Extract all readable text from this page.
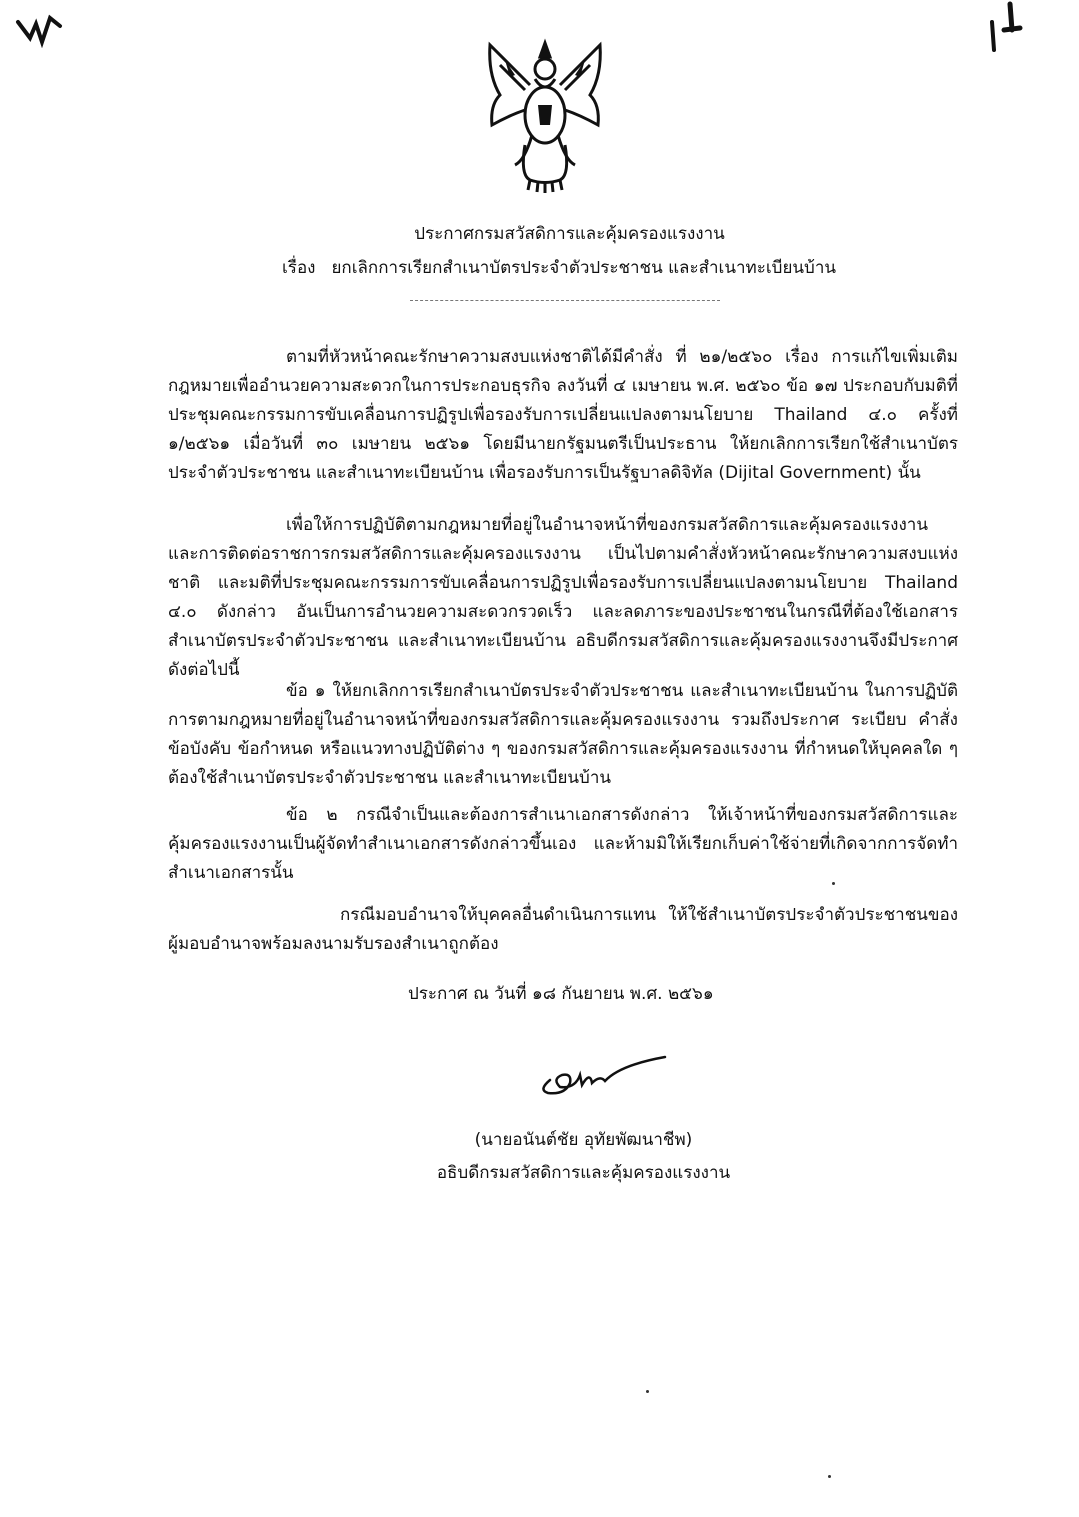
ประกาศกรมสวัสดิการและคุ้มครองแรงงาน
เรื่อง ยกเลิกการเรียกสำเนาบัตรประจำตัวประชาชน และสำเนาทะเบียนบ้าน
ตามที่หัวหน้าคณะรักษาความสงบแห่งชาติได้มีคำสั่ง ที่ ๒๑/๒๕๖๐ เรื่อง การแก้ไขเพิ่มเติมกฎหมายเพื่ออำนวยความสะดวกในการประกอบธุรกิจ ลงวันที่ ๔ เมษายน พ.ศ. ๒๕๖๐ ข้อ ๑๗ ประกอบกับมติที่ประชุมคณะกรรมการขับเคลื่อนการปฏิรูปเพื่อรองรับการเปลี่ยนแปลงตามนโยบาย Thailand ๔.๐ ครั้งที่ ๑/๒๕๖๑ เมื่อวันที่ ๓๐ เมษายน ๒๕๖๑ โดยมีนายกรัฐมนตรีเป็นประธาน ให้ยกเลิกการเรียกใช้สำเนาบัตรประจำตัวประชาชน และสำเนาทะเบียนบ้าน เพื่อรองรับการเป็นรัฐบาลดิจิทัล (Dijital Government) นั้น
เพื่อให้การปฏิบัติตามกฎหมายที่อยู่ในอำนาจหน้าที่ของกรมสวัสดิการและคุ้มครองแรงงาน และการติดต่อราชการกรมสวัสดิการและคุ้มครองแรงงาน เป็นไปตามคำสั่งหัวหน้าคณะรักษาความสงบแห่งชาติ และมติที่ประชุมคณะกรรมการขับเคลื่อนการปฏิรูปเพื่อรองรับการเปลี่ยนแปลงตามนโยบาย Thailand ๔.๐ ดังกล่าว อันเป็นการอำนวยความสะดวกรวดเร็ว และลดภาระของประชาชนในกรณีที่ต้องใช้เอกสารสำเนาบัตรประจำตัวประชาชน และสำเนาทะเบียนบ้าน อธิบดีกรมสวัสดิการและคุ้มครองแรงงานจึงมีประกาศ ดังต่อไปนี้
ข้อ ๑ ให้ยกเลิกการเรียกสำเนาบัตรประจำตัวประชาชน และสำเนาทะเบียนบ้าน ในการปฏิบัติการตามกฎหมายที่อยู่ในอำนาจหน้าที่ของกรมสวัสดิการและคุ้มครองแรงงาน รวมถึงประกาศ ระเบียบ คำสั่ง ข้อบังคับ ข้อกำหนด หรือแนวทางปฏิบัติต่าง ๆ ของกรมสวัสดิการและคุ้มครองแรงงาน ที่กำหนดให้บุคคลใด ๆ ต้องใช้สำเนาบัตรประจำตัวประชาชน และสำเนาทะเบียนบ้าน
ข้อ ๒ กรณีจำเป็นและต้องการสำเนาเอกสารดังกล่าว ให้เจ้าหน้าที่ของกรมสวัสดิการและคุ้มครองแรงงานเป็นผู้จัดทำสำเนาเอกสารดังกล่าวขึ้นเอง และห้ามมิให้เรียกเก็บค่าใช้จ่ายที่เกิดจากการจัดทำสำเนาเอกสารนั้น
กรณีมอบอำนาจให้บุคคลอื่นดำเนินการแทน ให้ใช้สำเนาบัตรประจำตัวประชาชนของผู้มอบอำนาจพร้อมลงนามรับรองสำเนาถูกต้อง
ประกาศ ณ วันที่ ๑๘ กันยายน พ.ศ. ๒๕๖๑
(นายอนันต์ชัย อุทัยพัฒนาชีพ)
อธิบดีกรมสวัสดิการและคุ้มครองแรงงาน
